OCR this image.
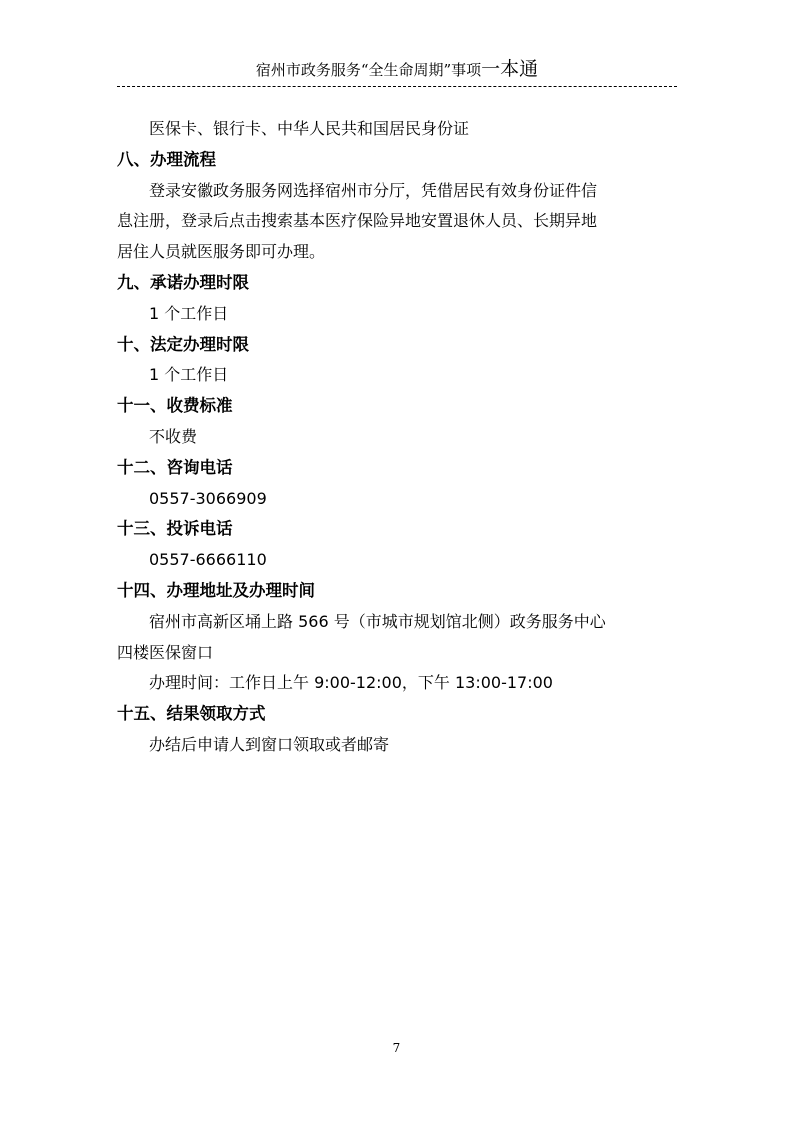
宿州市政务服务“全生命周期”事项一本通
医保卡、银行卡、中华人民共和国居民身份证
八、办理流程
登录安徽政务服务网选择宿州市分厅，凭借居民有效身份证件信
息注册，登录后点击搜索基本医疗保险异地安置退休人员、长期异地
居住人员就医服务即可办理。
九、承诺办理时限
1 个工作日
十、法定办理时限
1 个工作日
十一、收费标准
不收费
十二、咨询电话
0557-3066909
十三、投诉电话
0557-6666110
十四、办理地址及办理时间
宿州市高新区埇上路 566 号（市城市规划馆北侧）政务服务中心
四楼医保窗口
办理时间：工作日上午 9:00-12:00，下午 13:00-17:00
十五、结果领取方式
办结后申请人到窗口领取或者邮寄
7
